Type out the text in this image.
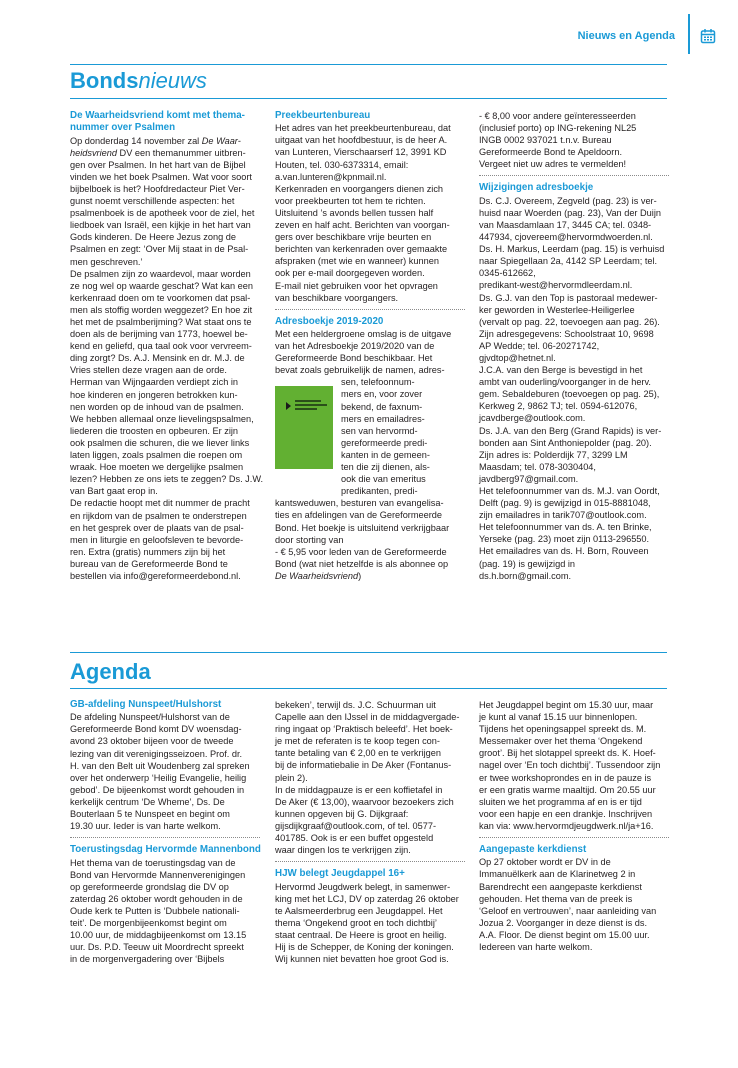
Nieuws en Agenda
Bondsnieuws

De Waarheidsvriend komt met thema-

nummer over Psalmen

Op donderdag 14 november zal De Waar-

heidsvriend DV een themanummer uitbren-

gen over Psalmen. In het hart van de Bijbel

vinden we het boek Psalmen. Wat voor soort

bijbelboek is het? Hoofdredacteur Piet Ver-

gunst noemt verschillende aspecten: het

psalmenboek is de apotheek voor de ziel, het

liedboek van Israël, een kijkje in het hart van

Gods kinderen. De Heere Jezus zong de

Psalmen en zegt: ‘Over Mij staat in de Psal-

men geschreven.’

De psalmen zijn zo waardevol, maar worden

ze nog wel op waarde geschat? Wat kan een

kerkenraad doen om te voorkomen dat psal-

men als stoffig worden weggezet? En hoe zit

het met de psalmberijming? Wat staat ons te

doen als de berijming van 1773, hoewel be-

kend en geliefd, qua taal ook voor vervreem-

ding zorgt? Ds. A.J. Mensink en dr. M.J. de

Vries stellen deze vragen aan de orde.

Herman van Wijngaarden verdiept zich in

hoe kinderen en jongeren betrokken kun-

nen worden op de inhoud van de psalmen.

We hebben allemaal onze lievelingspsalmen,

liederen die troosten en opbeuren. Er zijn

ook psalmen die schuren, die we liever links

laten liggen, zoals psalmen die roepen om

wraak. Hoe moeten we dergelijke psalmen

lezen? Hebben ze ons iets te zeggen? Ds. J.W.

van Bart gaat erop in.

De redactie hoopt met dit nummer de pracht

en rijkdom van de psalmen te onderstrepen

en het gesprek over de plaats van de psal-

men in liturgie en geloofsleven te bevorde-

ren. Extra (gratis) nummers zijn bij het

bureau van de Gereformeerde Bond te

bestellen via info@gereformeerdebond.nl.

Preekbeurtenbureau

Het adres van het preekbeurtenbureau, dat

uitgaat van het hoofdbestuur, is de heer A.

van Lunteren, Vierschaarserf 12, 3991 KD

Houten, tel. 030-6373314, email:

a.van.lunteren@kpnmail.nl.

Kerkenraden en voorgangers dienen zich

voor preekbeurten tot hem te richten.

Uitsluitend ’s avonds bellen tussen half

zeven en half acht. Berichten van voorgan-

gers over beschikbare vrije beurten en

berichten van kerkenraden over gemaakte

afspraken (met wie en wanneer) kunnen

ook per e-mail doorgegeven worden.

E-mail niet gebruiken voor het opvragen

van beschikbare voorgangers.

Adresboekje 2019-2020

Met een heldergroene omslag is de uitgave

van het Adresboekje 2019/2020 van de

Gereformeerde Bond beschikbaar. Het

bevat zoals gebruikelijk de namen, adres-

sen, telefoonnum-

mers en, voor zover

bekend, de faxnum-

mers en emailadres-

sen van hervormd-

gereformeerde predi-

kanten in de gemeen-

ten die zij dienen, als-

ook die van emeritus

predikanten, predi-

kantsweduwen, besturen van evangelisa-

ties en afdelingen van de Gereformeerde

Bond. Het boekje is uitsluitend verkrijgbaar

door storting van

- € 5,95 voor leden van de Gereformeerde

Bond (wat niet hetzelfde is als abonnee op

De Waarheidsvriend)

- € 8,00 voor andere geïnteresseerden

(inclusief porto) op ING-rekening NL25

INGB 0002 937021 t.n.v. Bureau

Gereformeerde Bond te Apeldoorn.

Vergeet niet uw adres te vermelden!

Wijzigingen adresboekje

Ds. C.J. Overeem, Zegveld (pag. 23) is ver-

huisd naar Woerden (pag. 23), Van der Duijn

van Maasdamlaan 17, 3445 CA; tel. 0348-

447934, cjovereem@hervormdwoerden.nl.

Ds. H. Markus, Leerdam (pag. 15) is verhuisd

naar Spiegellaan 2a, 4142 SP Leerdam; tel.

0345-612662,

predikant-west@hervormdleerdam.nl.

Ds. G.J. van den Top is pastoraal medewer-

ker geworden in Westerlee-Heiligerlee

(vervalt op pag. 22, toevoegen aan pag. 26).

Zijn adresgegevens: Schoolstraat 10, 9698

AP Wedde; tel. 06-20271742,

gjvdtop@hetnet.nl.

J.C.A. van den Berge is bevestigd in het

ambt van ouderling/voorganger in de herv.

gem. Sebaldeburen (toevoegen op pag. 25),

Kerkweg 2, 9862 TJ; tel. 0594-612076,

jcavdberge@outlook.com.

Ds. J.A. van den Berg (Grand Rapids) is ver-

bonden aan Sint Anthoniepolder (pag. 20).

Zijn adres is: Polderdijk 77, 3299 LM

Maasdam; tel. 078-3030404,

javdberg97@gmail.com.

Het telefoonnummer van ds. M.J. van Oordt,

Delft (pag. 9) is gewijzigd in 015-8881048,

zijn emailadres in tarik707@outlook.com.

Het telefoonnummer van ds. A. ten Brinke,

Yerseke (pag. 23) moet zijn 0113-296550.

Het emailadres van ds. H. Born, Rouveen

(pag. 19) is gewijzigd in

ds.h.born@gmail.com.

Agenda

GB-afdeling Nunspeet/Hulshorst

De afdeling Nunspeet/Hulshorst van de

Gereformeerde Bond komt DV woensdag-

avond 23 oktober bijeen voor de tweede

lezing van dit verenigingsseizoen. Prof. dr.

H. van den Belt uit Woudenberg zal spreken

over het onderwerp ‘Heilig Evangelie, heilig

gebod’. De bijeenkomst wordt gehouden in

kerkelijk centrum ‘De Wheme’, Ds. De

Bouterlaan 5 te Nunspeet en begint om

19.30 uur. Ieder is van harte welkom.

Toerustingsdag Hervormde Mannenbond

Het thema van de toerustingsdag van de

Bond van Hervormde Mannenverenigingen

op gereformeerde grondslag die DV op

zaterdag 26 oktober wordt gehouden in de

Oude kerk te Putten is ‘Dubbele nationali-

teit’. De morgenbijeenkomst begint om

10.00 uur, de middagbijeenkomst om 13.15

uur. Ds. P.D. Teeuw uit Moordrecht spreekt

in de morgenvergadering over ‘Bijbels

bekeken’, terwijl ds. J.C. Schuurman uit

Capelle aan den IJssel in de middagvergade-

ring ingaat op ‘Praktisch beleefd’. Het boek-

je met de referaten is te koop tegen con-

tante betaling van € 2,00 en te verkrijgen

bij de informatiebalie in De Aker (Fontanus-

plein 2).

In de middagpauze is er een koffietafel in

De Aker (€ 13,00), waarvoor bezoekers zich

kunnen opgeven bij G. Dijkgraaf:

gijsdijkgraaf@outlook.com, of tel. 0577-

401785. Ook is er een buffet opgesteld

waar dingen los te verkrijgen zijn.

HJW belegt Jeugdappel 16+

Hervormd Jeugdwerk belegt, in samenwer-

king met het LCJ, DV op zaterdag 26 oktober

te Aalsmeerderbrug een Jeugdappel. Het

thema ‘Ongekend groot en toch dichtbij’

staat centraal. De Heere is groot en heilig.

Hij is de Schepper, de Koning der koningen.

Wij kunnen niet bevatten hoe groot God is.

Het Jeugdappel begint om 15.30 uur, maar

je kunt al vanaf 15.15 uur binnenlopen.

Tijdens het openingsappel spreekt ds. M.

Messemaker over het thema ‘Ongekend

groot’. Bij het slotappel spreekt ds. K. Hoef-

nagel over ‘En toch dichtbij’. Tussendoor zijn

er twee workshoprondes en in de pauze is

er een gratis warme maaltijd. Om 20.55 uur

sluiten we het programma af en is er tijd

voor een hapje en een drankje. Inschrijven

kan via: www.hervormdjeugdwerk.nl/ja+16.

Aangepaste kerkdienst

Op 27 oktober wordt er DV in de

Immanuëlkerk aan de Klarinetweg 2 in

Barendrecht een aangepaste kerkdienst

gehouden. Het thema van de preek is

‘Geloof en vertrouwen’, naar aanleiding van

Jozua 2. Voorganger in deze dienst is ds.

A.A. Floor. De dienst begint om 15.00 uur.

Iedereen van harte welkom.
